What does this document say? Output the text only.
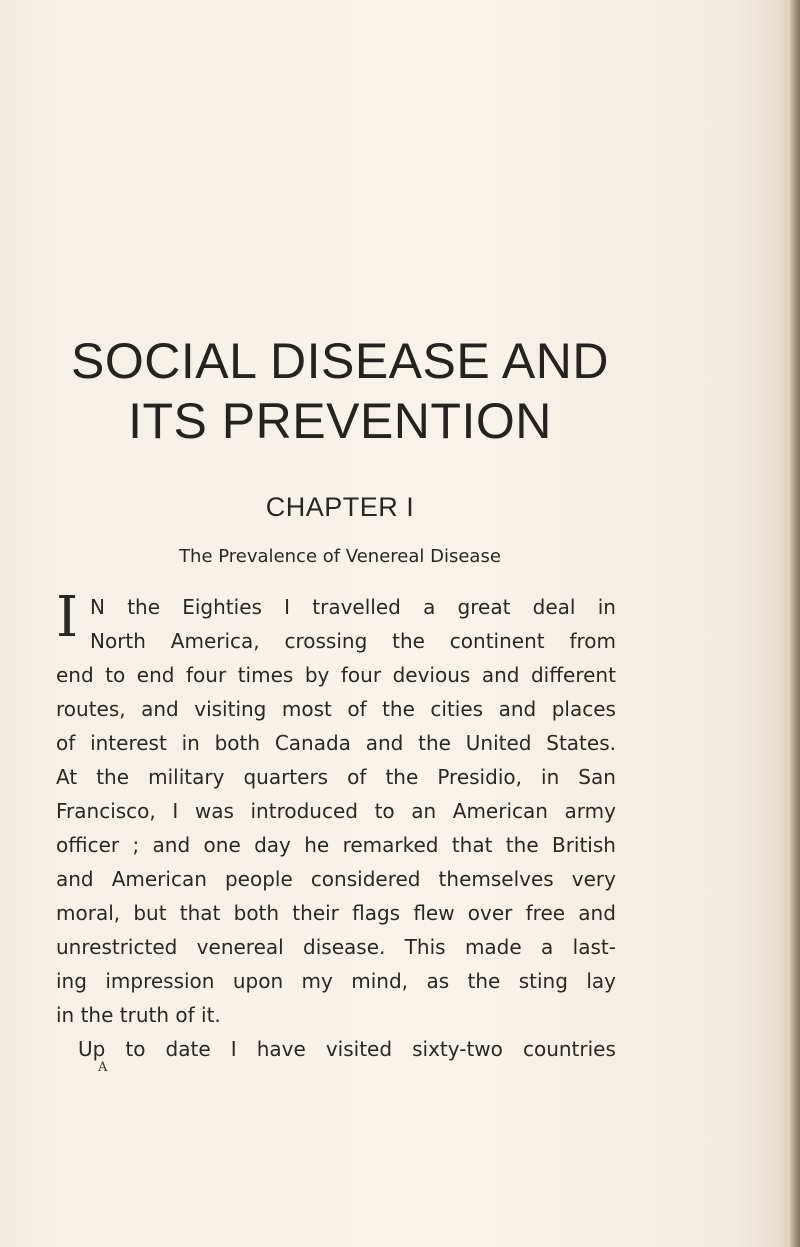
SOCIAL DISEASE AND
ITS PREVENTION
CHAPTER I
The Prevalence of Venereal Disease
I N the Eighties I travelled a great deal in
North America, crossing the continent from
end to end four times by four devious and different
routes, and visiting most of the cities and places
of interest in both Canada and the United States.
At the military quarters of the Presidio, in San
Francisco, I was introduced to an American army
officer ; and one day he remarked that the British
and American people considered themselves very
moral, but that both their flags flew over free and
unrestricted venereal disease. This made a last-
ing impression upon my mind, as the sting lay
in the truth of it.
Up to date I have visited sixty-two countries
A
